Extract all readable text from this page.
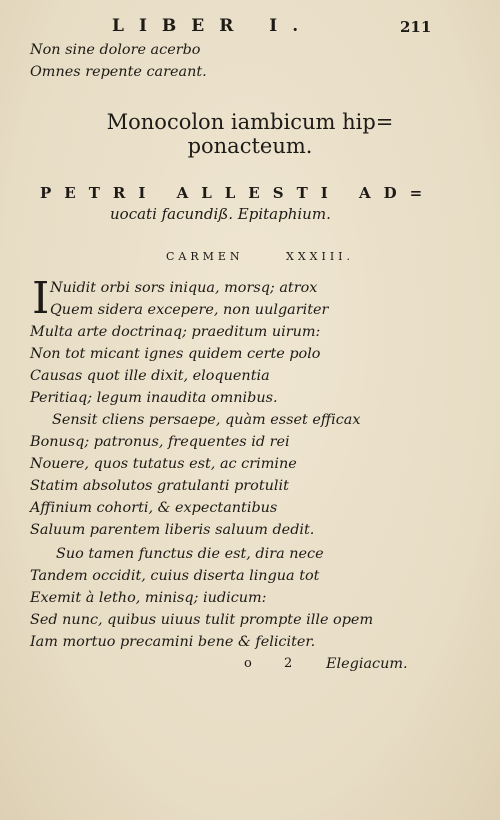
LIBER I.	211
Non sine dolore acerbo
Omnes repente careant.
Monocolon iambicum hip=
ponacteum.
PETRI ALLESTI AD=
uocati facundiß. Epitaphium.
CARMEN	XXXIII.
I Nuidit orbi sors iniqua, morsq; atrox
Quem sidera excepere, non uulgariter
Multa arte doctrinaq; praeditum uirum:
Non tot micant ignes quidem certe polo
Causas quot ille dixit, eloquentia
Peritiaq; legum inaudita omnibus.
Sensit cliens persaepe, quàm esset efficax
Bonusq; patronus, frequentes id rei
Nouere, quos tutatus est, ac crimine
Statim absolutos gratulanti protulit
Affinium cohorti, & expectantibus
Saluum parentem liberis saluum dedit.
Suo tamen functus die est, dira nece
Tandem occidit, cuius diserta lingua tot
Exemit à letho, minisq; iudicum:
Sed nunc, quibus uiuus tulit prompte ille opem
Iam mortuo precamini bene & feliciter.
o 2 Elegiacum.
